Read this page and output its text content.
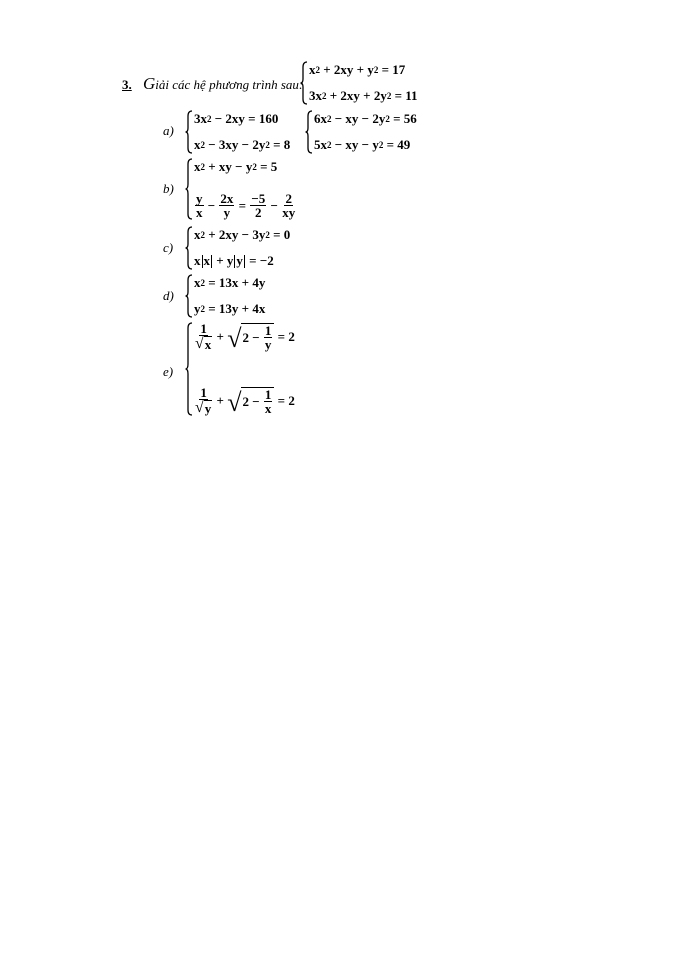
3. Giải các hệ phương trình sau:
x 2 + 2xy + y 2 = 17
3x 2 + 2xy + 2y 2 = 11
a)
3x 2 − 2xy = 160
x 2 − 3xy − 2y 2 = 8
6x 2 − xy − 2y 2 = 56
5x 2 − xy − y 2 = 49
b)
x 2 + xy − y 2 = 5
$\frac{y}{x} - \frac{2x}{y} = \frac{-5}{2} - \frac{2}{xy}$
c)
x 2 + 2xy − 3y 2 = 0
x x
+ y y
= −2
d)
x 2 = 13x + 4y
y 2 = 13y + 4x
e)
$\frac{1}{√ x}$ + √ $2 - \frac{1}{y} = 2$
$\frac{1}{√ y}$ + √ $2 - \frac{1}{x} = 2$
